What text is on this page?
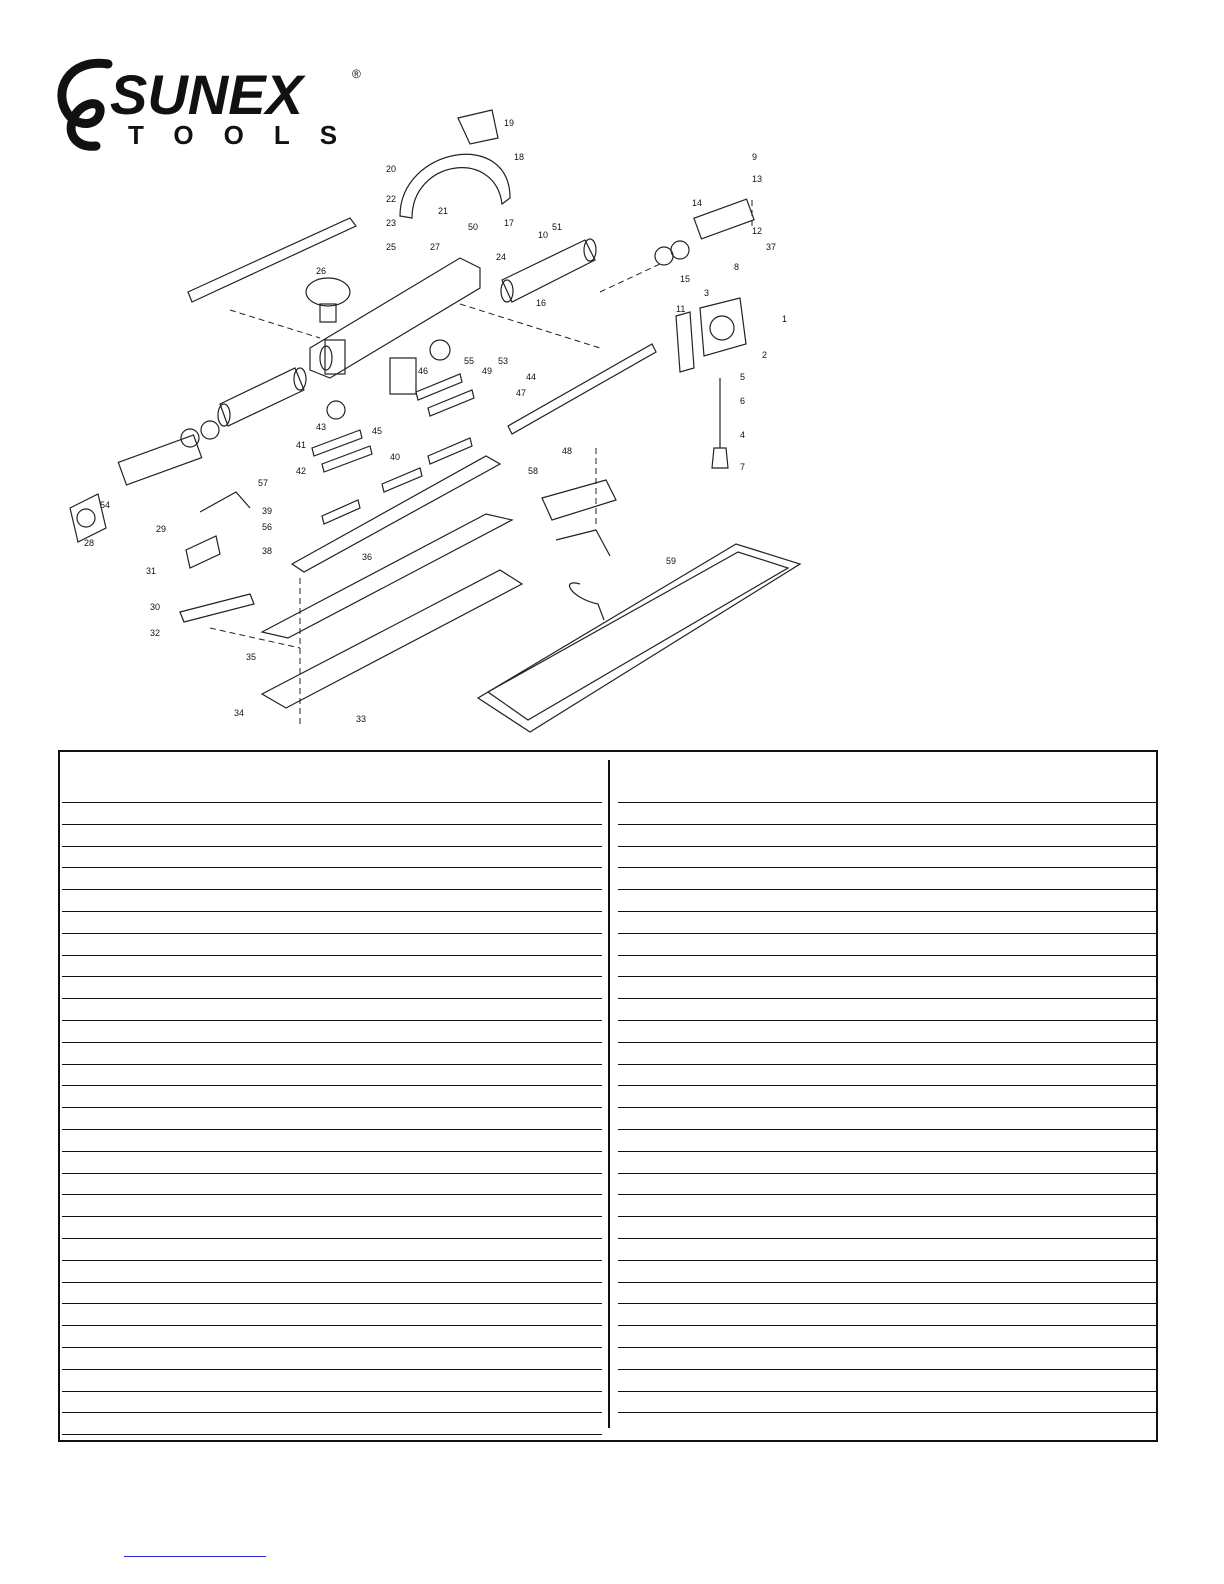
SUNEX	®
TOOLS
1
2
3
4
5
6
7
8
9
10
11
12
13
14
15
16
17
18
19
20
21
22
23
24
25
26
27
28
29
30
31
32
33
34
35
36
37
38
39
40
41
42
43
44
45
46
47
48
49
50	51
53
54
55
56
57
58
59
